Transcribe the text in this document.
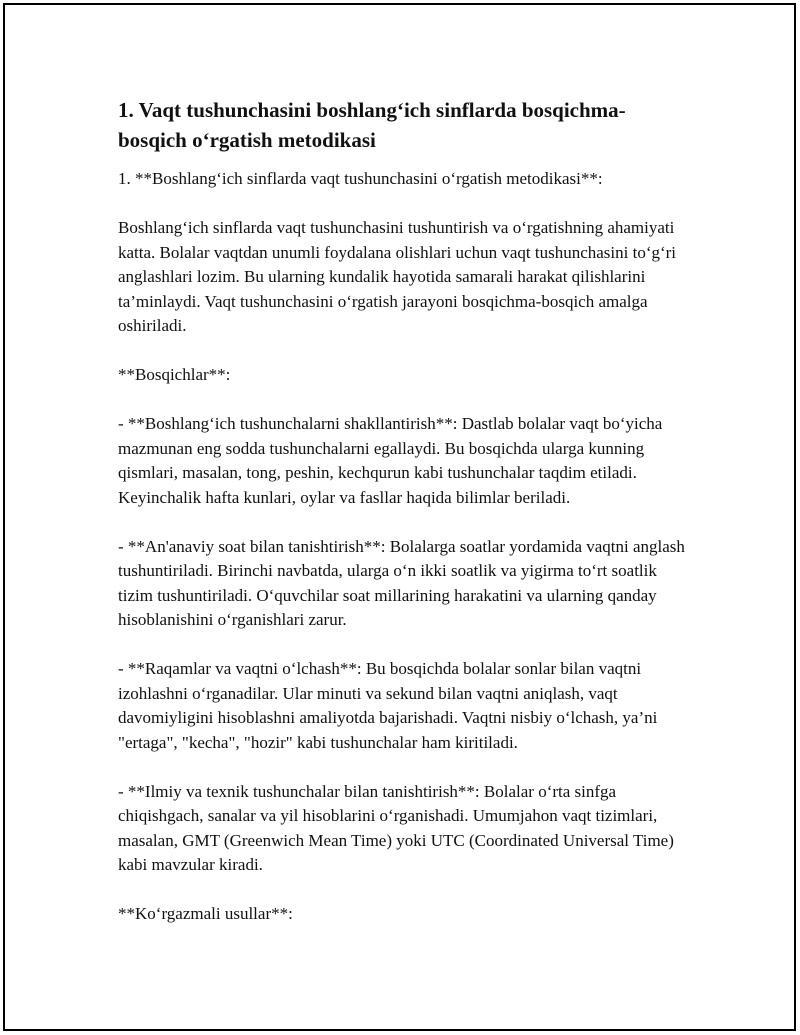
1. Vaqt tushunchasini boshlang‘ich sinflarda bosqichma-bosqich o‘rgatish metodikasi

1. **Boshlang‘ich sinflarda vaqt tushunchasini o‘rgatish metodikasi**:

Boshlang‘ich sinflarda vaqt tushunchasini tushuntirish va o‘rgatishning ahamiyati katta. Bolalar vaqtdan unumli foydalana olishlari uchun vaqt tushunchasini to‘g‘ri anglashlari lozim. Bu ularning kundalik hayotida samarali harakat qilishlarini ta’minlaydi. Vaqt tushunchasini o‘rgatish jarayoni bosqichma-bosqich amalga oshiriladi.

**Bosqichlar**:

- **Boshlang‘ich tushunchalarni shakllantirish**: Dastlab bolalar vaqt bo‘yicha mazmunan eng sodda tushunchalarni egallaydi. Bu bosqichda ularga kunning qismlari, masalan, tong, peshin, kechqurun kabi tushunchalar taqdim etiladi. Keyinchalik hafta kunlari, oylar va fasllar haqida bilimlar beriladi.

- **An'anaviy soat bilan tanishtirish**: Bolalarga soatlar yordamida vaqtni anglash tushuntiriladi. Birinchi navbatda, ularga o‘n ikki soatlik va yigirma to‘rt soatlik tizim tushuntiriladi. O‘quvchilar soat millarining harakatini va ularning qanday hisoblanishini o‘rganishlari zarur.

- **Raqamlar va vaqtni o‘lchash**: Bu bosqichda bolalar sonlar bilan vaqtni izohlashni o‘rganadilar. Ular minuti va sekund bilan vaqtni aniqlash, vaqt davomiyligini hisoblashni amaliyotda bajarishadi. Vaqtni nisbiy o‘lchash, ya’ni "ertaga", "kecha", "hozir" kabi tushunchalar ham kiritiladi.

- **Ilmiy va texnik tushunchalar bilan tanishtirish**: Bolalar o‘rta sinfga chiqishgach, sanalar va yil hisoblarini o‘rganishadi. Umumjahon vaqt tizimlari, masalan, GMT (Greenwich Mean Time) yoki UTC (Coordinated Universal Time) kabi mavzular kiradi.

**Ko‘rgazmali usullar**:
